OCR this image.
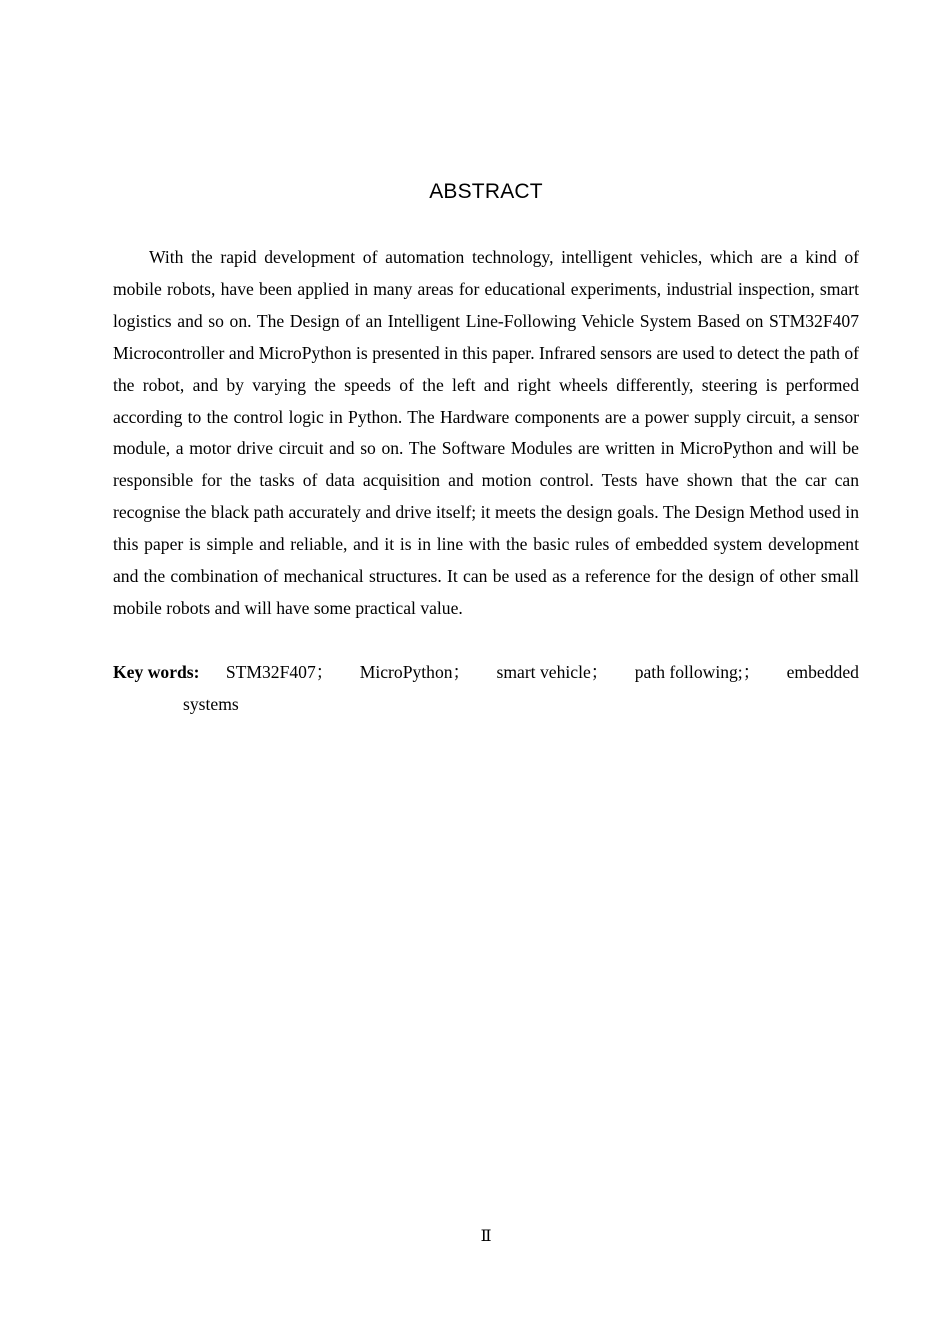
ABSTRACT

With the rapid development of automation technology, intelligent vehicles, which are a kind of mobile robots, have been applied in many areas for educational experiments, industrial inspection, smart logistics and so on. The Design of an Intelligent Line-Following Vehicle System Based on STM32F407 Microcontroller and MicroPython is presented in this paper. Infrared sensors are used to detect the path of the robot, and by varying the speeds of the left and right wheels differently, steering is performed according to the control logic in Python. The Hardware components are a power supply circuit, a sensor module, a motor drive circuit and so on. The Software Modules are written in MicroPython and will be responsible for the tasks of data acquisition and motion control. Tests have shown that the car can recognise the black path accurately and drive itself; it meets the design goals. The Design Method used in this paper is simple and reliable, and it is in line with the basic rules of embedded system development and the combination of mechanical structures. It can be used as a reference for the design of other small mobile robots and will have some practical value.

Key words: STM32F407； MicroPython； smart vehicle； path following;； embedded
systems

Ⅱ
